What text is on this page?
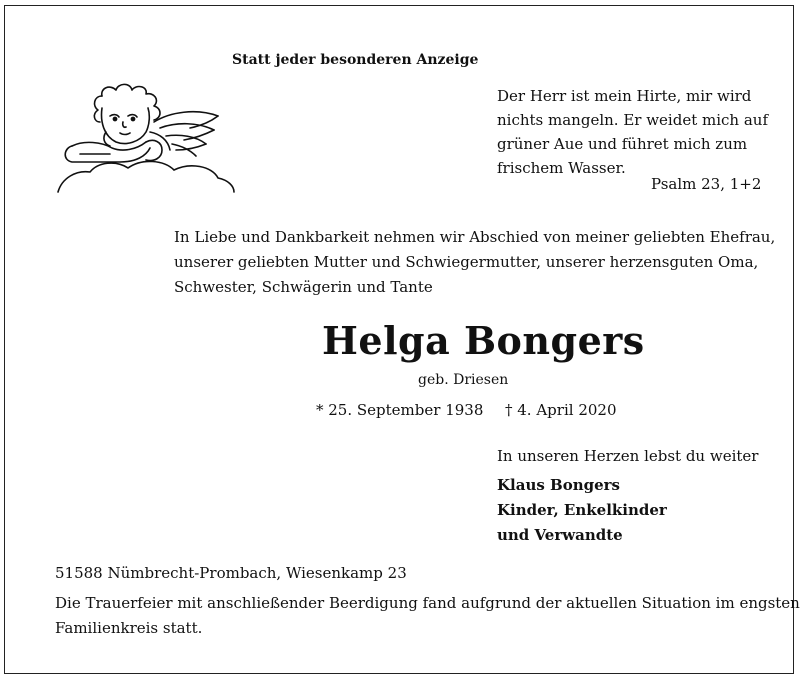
Statt jeder besonderen Anzeige
Der Herr ist mein Hirte, mir wird
nichts mangeln. Er weidet mich auf
grüner Aue und führet mich zum
frischem Wasser.
Psalm 23, 1+2
In Liebe und Dankbarkeit nehmen wir Abschied von meiner geliebten Ehefrau,
unserer geliebten Mutter und Schwiegermutter, unserer herzensguten Oma,
Schwester, Schwägerin und Tante
Helga Bongers
geb. Driesen
* 25. September 1938 † 4. April 2020
In unseren Herzen lebst du weiter
Klaus Bongers
Kinder, Enkelkinder
und Verwandte
51588 Nümbrecht-Prombach, Wiesenkamp 23
Die Trauerfeier mit anschließender Beerdigung fand aufgrund der aktuellen Situation im engsten
Familienkreis statt.
